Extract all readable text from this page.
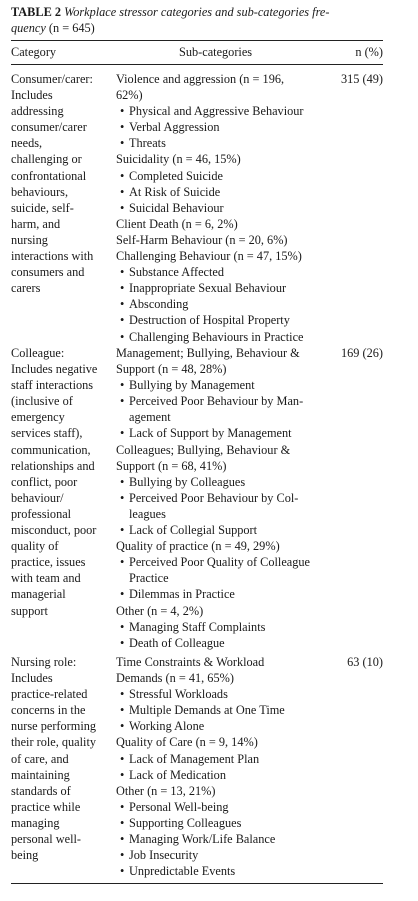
TABLE 2 Workplace stressor categories and sub-categories fre-
quency (n = 645)
Category	Sub-categories	n (%)
Consumer/carer:
Includes
addressing
consumer/carer
needs,
challenging or
confrontational
behaviours,
suicide, self-
harm, and
nursing
interactions with
consumers and
carers
Violence and aggression (n = 196,
62%)
• Physical and Aggressive Behaviour
• Verbal Aggression
• Threats
Suicidality (n = 46, 15%)
• Completed Suicide
• At Risk of Suicide
• Suicidal Behaviour
Client Death (n = 6, 2%)
Self-Harm Behaviour (n = 20, 6%)
Challenging Behaviour (n = 47, 15%)
• Substance Affected
• Inappropriate Sexual Behaviour
• Absconding
• Destruction of Hospital Property
• Challenging Behaviours in Practice
315 (49)
Colleague:
Includes negative
staff interactions
(inclusive of
emergency
services staff),
communication,
relationships and
conflict, poor
behaviour/
professional
misconduct, poor
quality of
practice, issues
with team and
managerial
support
Management; Bullying, Behaviour &
Support (n = 48, 28%)
• Bullying by Management
• Perceived Poor Behaviour by Man-
agement
• Lack of Support by Management
Colleagues; Bullying, Behaviour &
Support (n = 68, 41%)
• Bullying by Colleagues
• Perceived Poor Behaviour by Col-
leagues
• Lack of Collegial Support
Quality of practice (n = 49, 29%)
• Perceived Poor Quality of Colleague
Practice
• Dilemmas in Practice
Other (n = 4, 2%)
• Managing Staff Complaints
• Death of Colleague
169 (26)
Nursing role:
Includes
practice-related
concerns in the
nurse performing
their role, quality
of care, and
maintaining
standards of
practice while
managing
personal well-
being
Time Constraints & Workload
Demands (n = 41, 65%)
• Stressful Workloads
• Multiple Demands at One Time
• Working Alone
Quality of Care (n = 9, 14%)
• Lack of Management Plan
• Lack of Medication
Other (n = 13, 21%)
• Personal Well-being
• Supporting Colleagues
• Managing Work/Life Balance
• Job Insecurity
• Unpredictable Events
63 (10)
